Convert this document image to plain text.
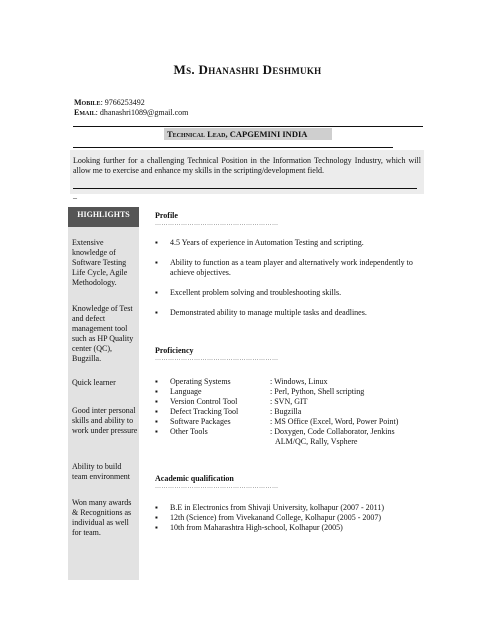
Ms. Dhanashri Deshmukh
Mobile: 9766253492
Email: dhanashri1089@gmail.com
Technical Lead, CAPGEMINI INDIA

Looking further for a challenging Technical Position in the Information Technology Industry, which will allow me to exercise and enhance my skills in the scripting/development field.

–
HIGHLIGHTS
Extensive knowledge of Software Testing Life Cycle, Agile Methodology.
Knowledge of Test and defect management tool such as HP Quality center (QC), Bugzilla.
Quick learner
Good inter personal skills and ability to work under pressure
Ability to build team environment
Won many awards & Recognitions as individual as well for team.
Profile
…………………………………………………
▪ 4.5 Years of experience in Automation Testing and scripting.
▪ Ability to function as a team player and alternatively work independently to achieve objectives.
▪ Excellent problem solving and troubleshooting skills.
▪ Demonstrated ability to manage multiple tasks and deadlines.
Proficiency
…………………………………………………
▪ Operating Systems	: Windows, Linux
▪ Language	: Perl, Python, Shell scripting
▪ Version Control Tool	: SVN, GIT
▪ Defect Tracking Tool	: Bugzilla
▪ Software Packages	: MS Office (Excel, Word, Power Point)
▪ Other Tools	: Doxygen, Code Collaborator, Jenkins
ALM/QC, Rally, Vsphere
Academic qualification
…………………………………………………
▪ B.E in Electronics from Shivaji University, kolhapur (2007 - 2011)
▪ 12th (Science) from Vivekanand College, Kolhapur (2005 - 2007)
▪ 10th from Maharashtra High-school, Kolhapur (2005)
